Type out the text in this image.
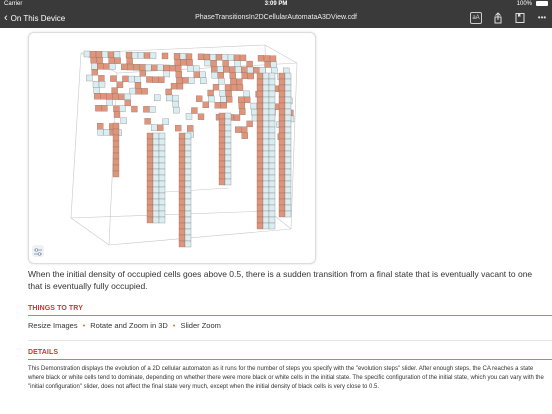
Carrier	3:09 PM	100%
‹ On This Device	PhaseTransitionsIn2DCellularAutomataA3DView.cdf	aA	•••

When the initial density of occupied cells goes above 0.5, there is a sudden transition from a final state that is eventually vacant to one that is eventually fully occupied.

THINGS TO TRY
Resize Images • Rotate and Zoom in 3D • Slider Zoom
DETAILS

This Demonstration displays the evolution of a 2D cellular automaton as it runs for the number of steps you specify with the "evolution steps" slider. After enough steps, the CA reaches a state where black or white cells tend to dominate, depending on whether there were more black or white cells in the initial state. The specific configuration of the initial state, which you can vary with the "initial configuration" slider, does not affect the final state very much, except when the initial density of black cells is very close to 0.5.
